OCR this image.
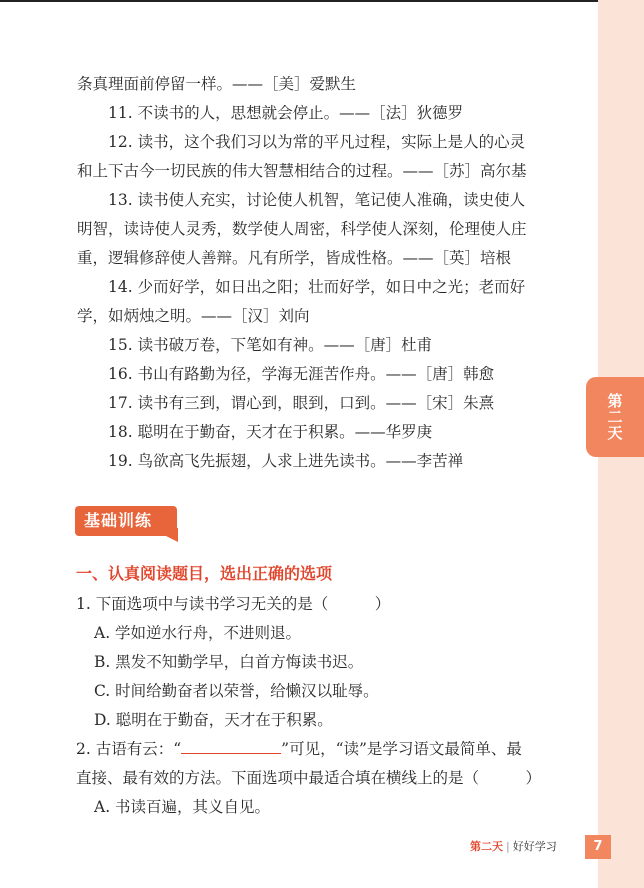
第二天
条真理面前停留一样。——［美］爱默生
11. 不读书的人，思想就会停止。——［法］狄德罗
12. 读书，这个我们习以为常的平凡过程，实际上是人的心灵
和上下古今一切民族的伟大智慧相结合的过程。——［苏］高尔基
13. 读书使人充实，讨论使人机智，笔记使人准确，读史使人
明智，读诗使人灵秀，数学使人周密，科学使人深刻，伦理使人庄
重，逻辑修辞使人善辩。凡有所学，皆成性格。——［英］培根
14. 少而好学，如日出之阳；壮而好学，如日中之光；老而好
学，如炳烛之明。——［汉］刘向
15. 读书破万卷，下笔如有神。——［唐］杜甫
16. 书山有路勤为径，学海无涯苦作舟。——［唐］韩愈
17. 读书有三到，谓心到，眼到，口到。——［宋］朱熹
18. 聪明在于勤奋，天才在于积累。——华罗庚
19. 鸟欲高飞先振翅，人求上进先读书。——李苦禅
基础训练
一、认真阅读题目，选出正确的选项
1. 下面选项中与读书学习无关的是（　　　）
A. 学如逆水行舟，不进则退。
B. 黑发不知勤学早，白首方悔读书迟。
C. 时间给勤奋者以荣誉，给懒汉以耻辱。
D. 聪明在于勤奋，天才在于积累。
2. 古语有云：“	”可见，“读”是学习语文最简单、最
直接、最有效的方法。下面选项中最适合填在横线上的是（　　　）
A. 书读百遍，其义自见。
第二天 | 好好学习	7
